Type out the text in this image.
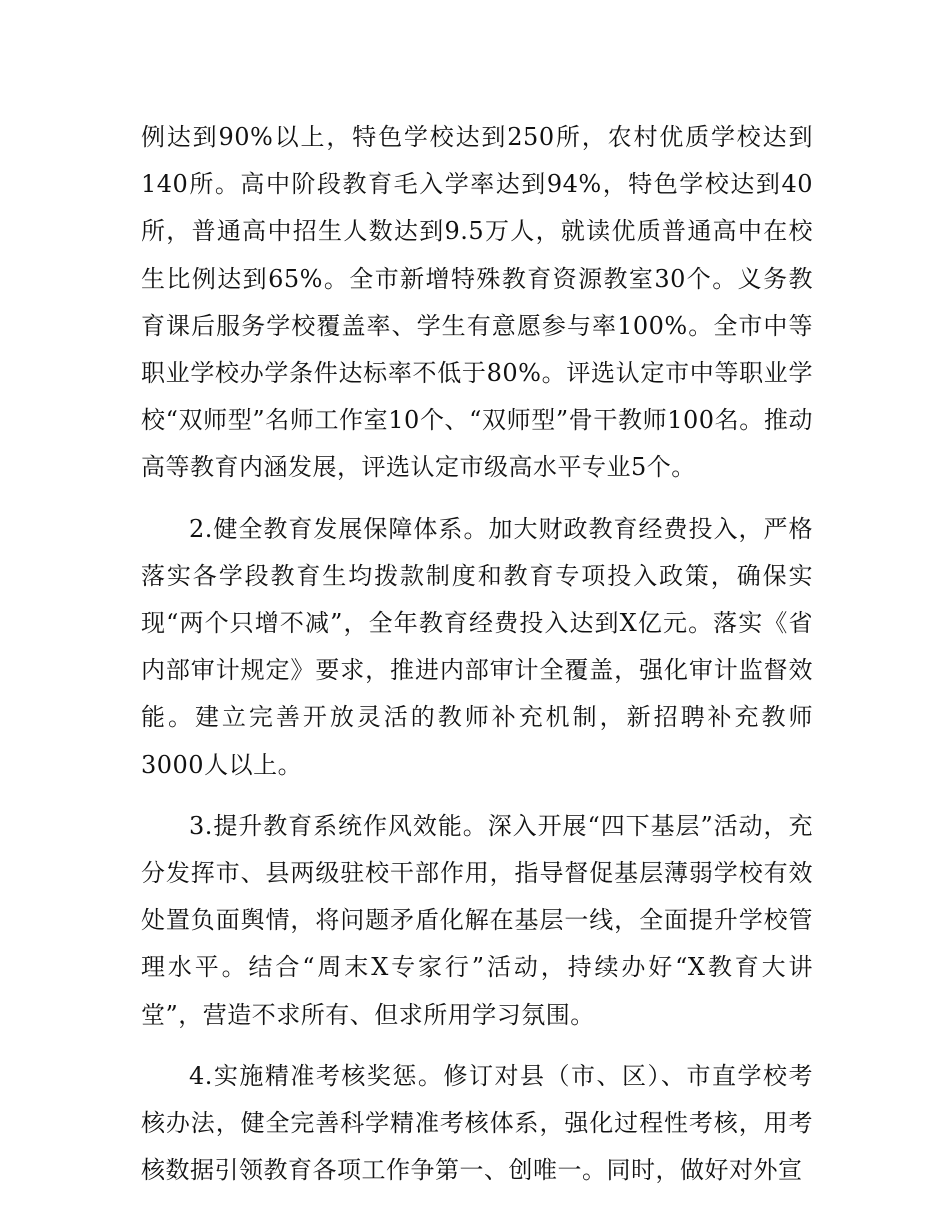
例达到90%以上，特色学校达到250所，农村优质学校达到140所。高中阶段教育毛入学率达到94%，特色学校达到40所，普通高中招生人数达到9.5万人，就读优质普通高中在校生比例达到65%。全市新增特殊教育资源教室30个。义务教育课后服务学校覆盖率、学生有意愿参与率100%。全市中等职业学校办学条件达标率不低于80%。评选认定市中等职业学校“双师型”名师工作室10个、“双师型”骨干教师100名。推动高等教育内涵发展，评选认定市级高水平专业5个。

2.健全教育发展保障体系。加大财政教育经费投入，严格落实各学段教育生均拨款制度和教育专项投入政策，确保实现“两个只增不减”，全年教育经费投入达到X亿元。落实《省内部审计规定》要求，推进内部审计全覆盖，强化审计监督效能。建立完善开放灵活的教师补充机制，新招聘补充教师3000人以上。

3.提升教育系统作风效能。深入开展“四下基层”活动，充分发挥市、县两级驻校干部作用，指导督促基层薄弱学校有效处置负面舆情，将问题矛盾化解在基层一线，全面提升学校管理水平。结合“周末X专家行”活动，持续办好“X教育大讲堂”，营造不求所有、但求所用学习氛围。

4.实施精准考核奖惩。修订对县（市、区）、市直学校考核办法，健全完善科学精准考核体系，强化过程性考核，用考核数据引领教育各项工作争第一、创唯一。同时，做好对外宣
